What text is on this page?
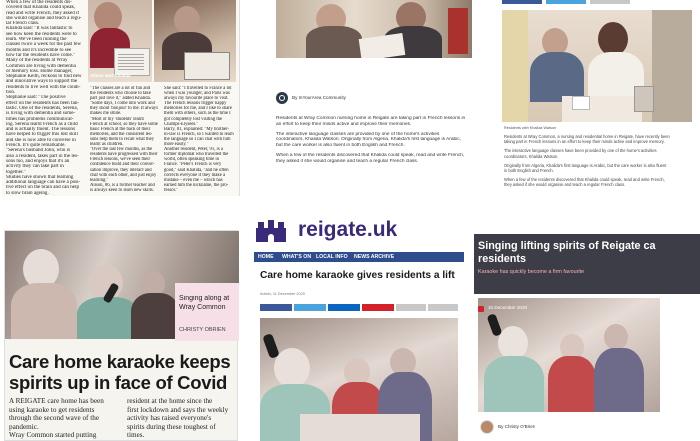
When a few of the residents dis-
covered that Khalida could speak,
read and write French, they asked if
she would organise and teach a regu-
lar French class.
Khalida said: "It was fantastic to
see how keen the residents were to
learn. We've been running the
classes twice a week for the past few
months and it's incredible to see
how far the residents have come."
Many of the residents at Wray
Common are living with dementia
or memory loss. Home manager,
Stephanie Keith, reckons to find new
and innovative ways to support the
residents to live well with the condi-
tion.
Stephanie said: "The positive
effect on the residents has been fan-
tastic. One of the residents, Serena,
is living with dementia and some-
times has problems communicat-
ing. Serena learnt French as a child
and is actually fluent. The lessons
have helped to trigger this lost skill
and she is now able to converse in
French. It's quite remarkable.
"Serena's husband John, who is
also a resident, takes part in the les-
sons too, and enjoys that it's an
activity they can take part in
together."
Studies have shown that learning
additional language can have a posi-
tive effect on the brain and can help
to slow brain ageing.
Alison and Khalida
"The classes are a lot of fun and
the residents who choose to take
part just love it," added Khalida.
"Some days, I come into work and
they shout 'bonjour' to me. It always
makes me smile.
"Most of my 'students' learnt
French at school, so they have some
basic French at the back of their
memories, and the consistent les-
sons help them to recall what they
learnt as children.
"Over the last few months, as the
residents have progressed with their
French lessons, we've seen their
confidence build and their conver-
sation improve, they interact and
chat with each other, and just enjoy
learning."
Alison, 86, is a former teacher and
is always keen to learn new skills.
She said: "I travelled to France a lot
when I was younger, and Paris was
always my favourite place to visit.
The French lessons trigger happy
memories for me, and I like to share
them with others, such as the time I
got completely lost visiting the
Champs-Elysées."
Barry, 81, explained: "My brother-
in-law is French, so I wanted to learn
the language so I can chat with him
more easily."
Another resident, Peter, 91, is a
former diplomat who travelled the
world, often speaking time in
France. "Peter's French is very
good," said Khalida, "and he often
corrects everyone if they make a
mistake – even me – which has
earned him the nickname, the pro-
fessor."
By InYourArea Community
Residents at Wray Common nursing home in Reigate are taking part in French lessons in
an effort to keep their minds active and improve their memories.
The interactive language classes are provided by one of the home's activities
coordinators, Khalida Watson. Originally from Algeria, Khalida's first language is Arabic,
but the care worker is also fluent in both English and French.
When a few of the residents discovered that Khalida could speak, read and write French,
they asked if she would organise and teach a regular French class.
Residents with Khalida Watson
Residents at Wray Common, a nursing and residential home in Reigate, have recently been
taking part in French lessons in an effort to keep their minds active and improve memory.
The interactive language classes have been provided by one of the home's activities
coordinators, Khalida Watson.
Originally from Algeria, Khalida's first language is Arabic, but the care worker is also fluent
in both English and French.
When a few of the residents discovered that Khalida could speak, read and write French,
they asked if she would organise and teach a regular French class.
Singing along at
Wray Common
CHRISTY OBRIEN
Care home karaoke keeps
spirits up in face of Covid
A REIGATE care home has been
using karaoke to get residents
through the second wave of the
pandemic.
Wray Common started putting
resident at the home since the
first lockdown and says the weekly
activity has raised everyone's
spirits during these toughest of
times.
reigate.uk
HOME WHAT'S ON LOCAL INFO NEWS ARCHIVE
Care home karaoke gives residents a lift
Admin, 11 December 2020
Singing lifting spirits of Reigate ca
residents
Karaoke has quickly become a firm favourite
10 December 2020
By Christy O'Brien
